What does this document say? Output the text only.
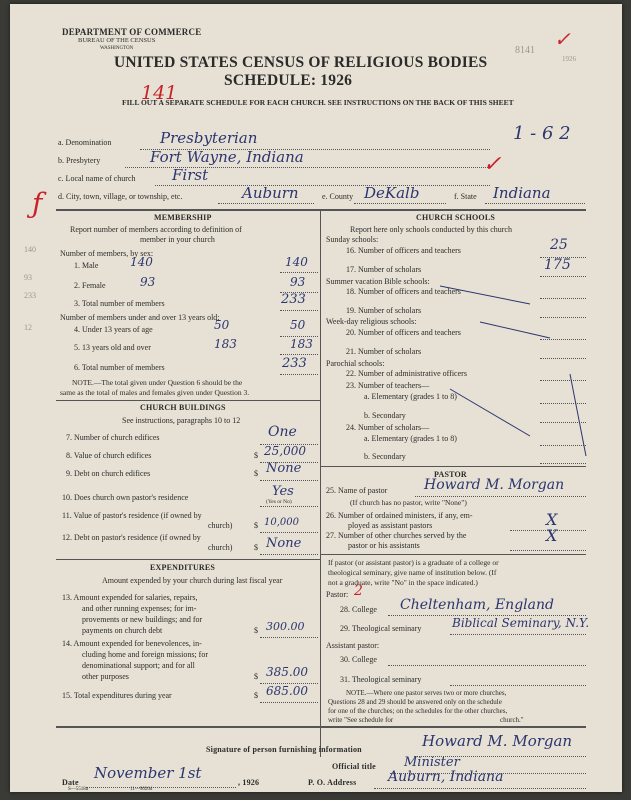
DEPARTMENT OF COMMERCE
BUREAU OF THE CENSUS
WASHINGTON
UNITED STATES CENSUS OF RELIGIOUS BODIES
SCHEDULE: 1926
FILL OUT A SEPARATE SCHEDULE FOR EACH CHURCH. SEE INSTRUCTIONS ON THE BACK OF THIS SHEET
8141
1926
✓
141
1 - 6 2
a. Denomination	Presbyterian
b. Presbytery	Fort Wayne, Indiana
c. Local name of church First	✓
d. City, town, village, or township, etc.	Auburn	e. County DeKalb	f. State Indiana
ƒ	MEMBERSHIP
Report number of members according to definition of
member in your church
Number of members, by sex:
1. Male	140	140
2. Female	93	93
3. Total number of members	233
Number of members under and over 13 years old:
4. Under 13 years of age	50	50
5. 13 years old and over	183	183
6. Total number of members	233
NOTE.—The total given under Question 6 should be the
same as the total of males and females given under Question 3.
140
93
233
12
CHURCH BUILDINGS
See instructions, paragraphs 10 to 12
7. Number of church edifices	One
8. Value of church edifices	$ 25,000
9. Debt on church edifices	$ None
10. Does church own pastor's residence	(Yes or No)
Yes
11. Value of pastor's residence (if owned by
church)	$ 10,000
12. Debt on pastor's residence (if owned by
church)	$ None
EXPENDITURES
Amount expended by your church during last fiscal year
13. Amount expended for salaries, repairs,
and other running expenses; for im-
provements or new buildings; and for
payments on church debt	$ 300.00
14. Amount expended for benevolences, in-
cluding home and foreign missions; for
denominational support; and for all
other purposes	$ 385.00
15. Total expenditures during year	$ 685.00
CHURCH SCHOOLS
Report here only schools conducted by this church
Sunday schools:
16. Number of officers and teachers	25
17. Number of scholars	175
Summer vacation Bible schools:
18. Number of officers and teachers
19. Number of scholars
Week-day religious schools:
20. Number of officers and teachers
21. Number of scholars
Parochial schools:
22. Number of administrative officers
23. Number of teachers—
a. Elementary (grades 1 to 8)
b. Secondary
24. Number of scholars—
a. Elementary (grades 1 to 8)
b. Secondary
PASTOR
25. Name of pastor	Howard M. Morgan
(If church has no pastor, write "None")
26. Number of ordained ministers, if any, em-
ployed as assistant pastors	X
27. Number of other churches served by the
pastor or his assistants
X
If pastor (or assistant pastor) is a graduate of a college or
theological seminary, give name of institution below. (If
not a graduate, write "No" in the space indicated.)
Pastor: 2
28. College Cheltenham, England
29. Theological seminary	Biblical Seminary, N.Y.
Assistant pastor:
30. College
31. Theological seminary
NOTE.—Where one pastor serves two or more churches,
Questions 28 and 29 should be answered only on the schedule
for one of the churches; on the schedules for the other churches,
write "See schedule for	church."
Signature of person furnishing information	Howard M. Morgan
Official title Minister
Date
November 1st
, 1926	P. O. Address Auburn, Indiana
S—5518a	11—9026d
